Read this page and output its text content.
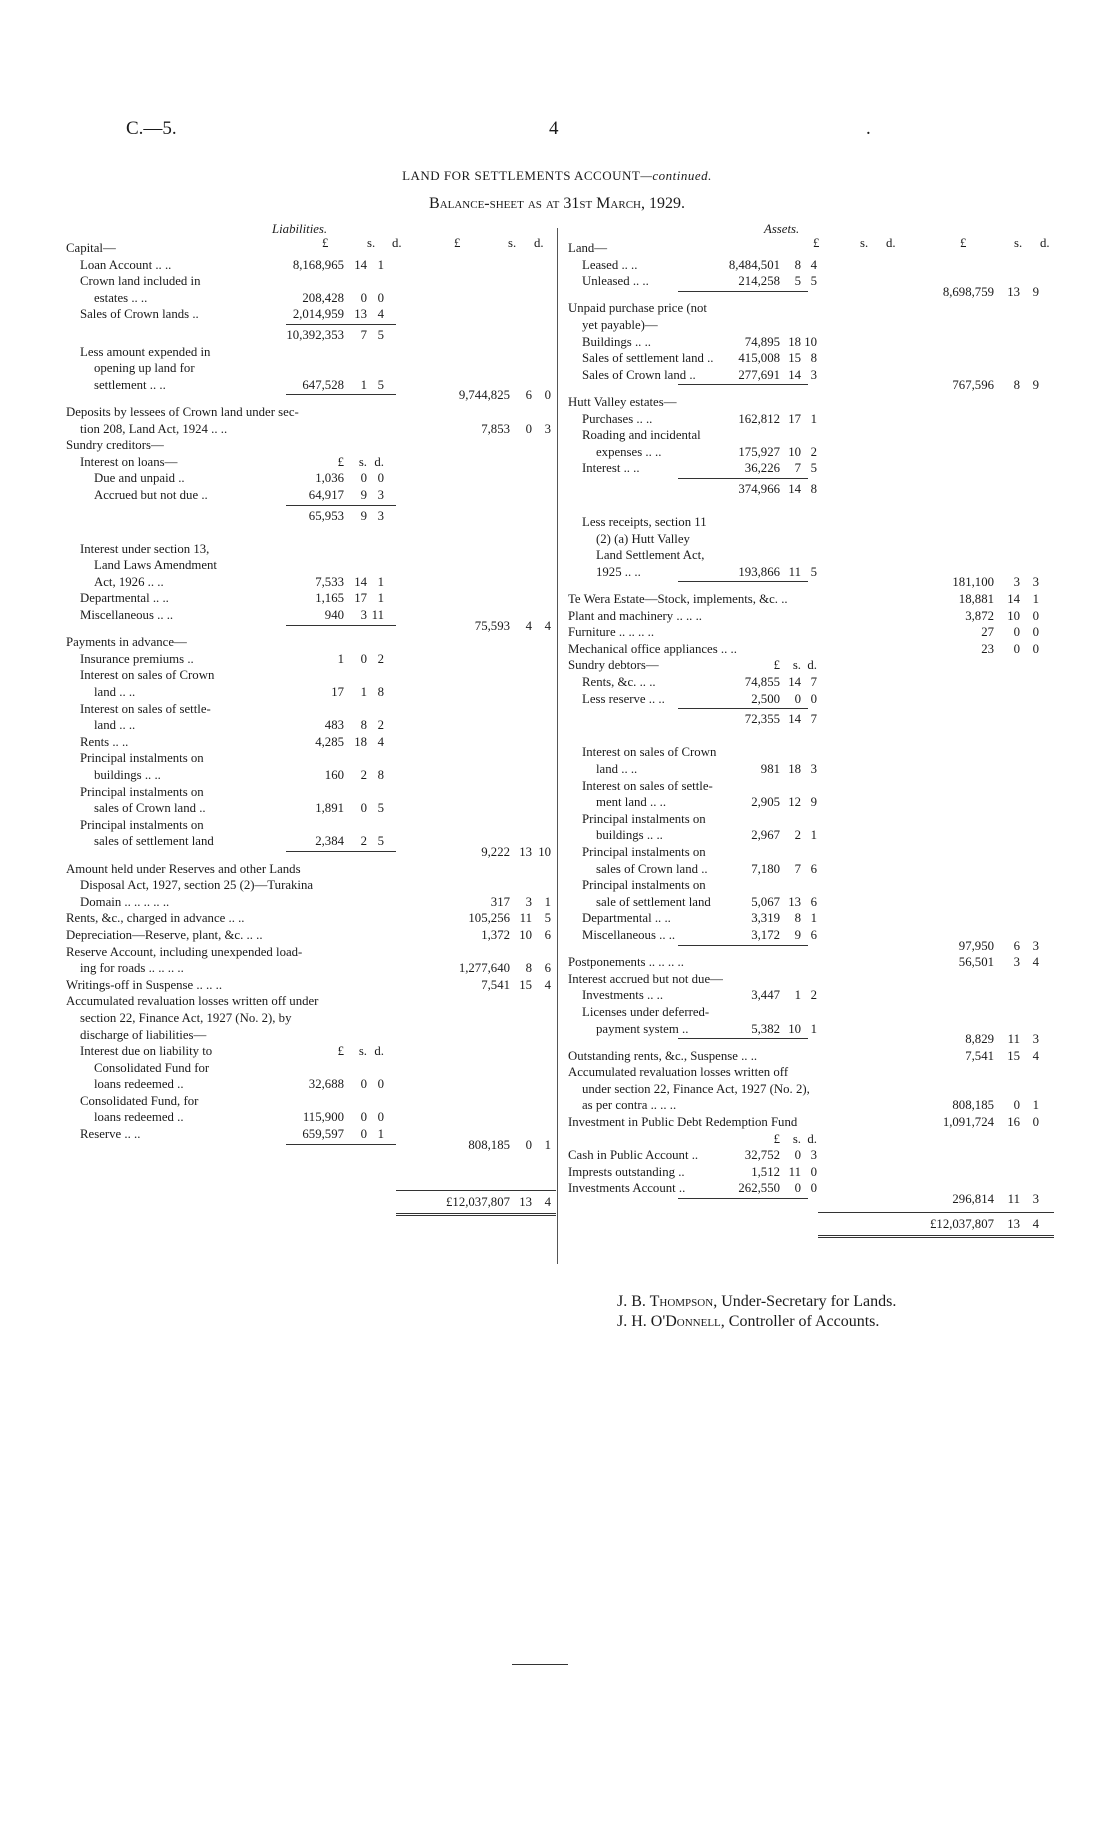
C.—5.	4	.
LAND FOR SETTLEMENTS ACCOUNT—continued.
Balance-sheet as at 31st March, 1929.
Liabilities.	Assets.
£	s. d.	£	s. d.	£	s. d.	£	s. d.
Capital—
Loan Account .. ..	8,168,965 14 1
Crown land included in
estates .. ..	208,428	0 0
Sales of Crown lands ..	2,014,959 13 4
10,392,353	7 5
Less amount expended in
opening up land for
settlement .. ..	647,528	1 5
9,744,825	6 0
Deposits by lessees of Crown land under sec-
tion 208, Land Act, 1924 .. ..	7,853	0 3
Sundry creditors—
Interest on loans—	£	s. d.
Due and unpaid ..	1,036	0 0
Accrued but not due ..	64,917	9 3
65,953	9 3
Interest under section 13,
Land Laws Amendment
Act, 1926 .. ..	7,533 14 1
Departmental .. ..	1,165 17 1
Miscellaneous .. ..	940	3 11
75,593	4 4
Payments in advance—
Insurance premiums ..	1	0 2
Interest on sales of Crown
land .. ..	17	1 8
Interest on sales of settle-
land .. ..	483	8 2
Rents .. ..	4,285 18 4
Principal instalments on
buildings .. ..	160	2 8
Principal instalments on
sales of Crown land ..	1,891	0 5
Principal instalments on
sales of settlement land	2,384	2 5
9,222 13 10
Amount held under Reserves and other Lands
Disposal Act, 1927, section 25 (2)—Turakina
Domain .. .. .. .. ..	317	3 1
Rents, &c., charged in advance .. ..	105,256 11 5
Depreciation—Reserve, plant, &c. .. ..	1,372 10 6
Reserve Account, including unexpended load-
ing for roads .. .. .. ..	1,277,640	8 6
Writings-off in Suspense .. .. ..	7,541 15 4
Accumulated revaluation losses written off under
section 22, Finance Act, 1927 (No. 2), by
discharge of liabilities—
Interest due on liability to	£	s. d.
Consolidated Fund for
loans redeemed ..	32,688	0 0
Consolidated Fund, for
loans redeemed ..	115,900	0 0
Reserve .. ..	659,597	0 1
808,185	0 1
£12,037,807 13 4
Land—
Leased .. ..	8,484,501	8 4
Unleased .. ..	214,258	5 5
8,698,759	13 9
Unpaid purchase price (not
yet payable)—
Buildings .. ..	74,895 18 10
Sales of settlement land ..	415,008 15 8
Sales of Crown land ..	277,691 14 3
767,596	8 9
Hutt Valley estates—
Purchases .. ..	162,812 17 1
Roading and incidental
expenses .. ..	175,927 10 2
Interest .. ..	36,226	7 5
374,966 14 8
Less receipts, section 11
(2) (a) Hutt Valley
Land Settlement Act,
1925 .. ..	193,866 11 5
181,100	3 3
Te Wera Estate—Stock, implements, &c. ..	18,881	14 1
Plant and machinery .. .. ..	3,872	10 0
Furniture .. .. .. ..	27	0 0
Mechanical office appliances .. ..	23	0 0
Sundry debtors—	£	s. d.
Rents, &c. .. ..	74,855 14 7
Less reserve .. ..	2,500	0 0
72,355 14 7
Interest on sales of Crown
land .. ..	981 18 3
Interest on sales of settle-
ment land .. ..	2,905 12 9
Principal instalments on
buildings .. ..	2,967	2 1
Principal instalments on
sales of Crown land ..	7,180	7 6
Principal instalments on
sale of settlement land	5,067 13 6
Departmental .. ..	3,319	8 1
Miscellaneous .. ..	3,172	9 6
97,950	6 3
Postponements .. .. .. ..	56,501	3 4
Interest accrued but not due—
Investments .. ..	3,447	1 2
Licenses under deferred-
payment system ..	5,382 10 1
8,829	11 3
Outstanding rents, &c., Suspense .. ..	7,541	15 4
Accumulated revaluation losses written off
under section 22, Finance Act, 1927 (No. 2),
as per contra .. .. ..	808,185	0 1
Investment in Public Debt Redemption Fund	1,091,724	16 0
£	s. d.
Cash in Public Account ..	32,752	0 3
Imprests outstanding ..	1,512 11 0
Investments Account ..	262,550	0 0
296,814	11 3
£12,037,807	13 4
J. B. Thompson, Under-Secretary for Lands.
J. H. O'Donnell, Controller of Accounts.
